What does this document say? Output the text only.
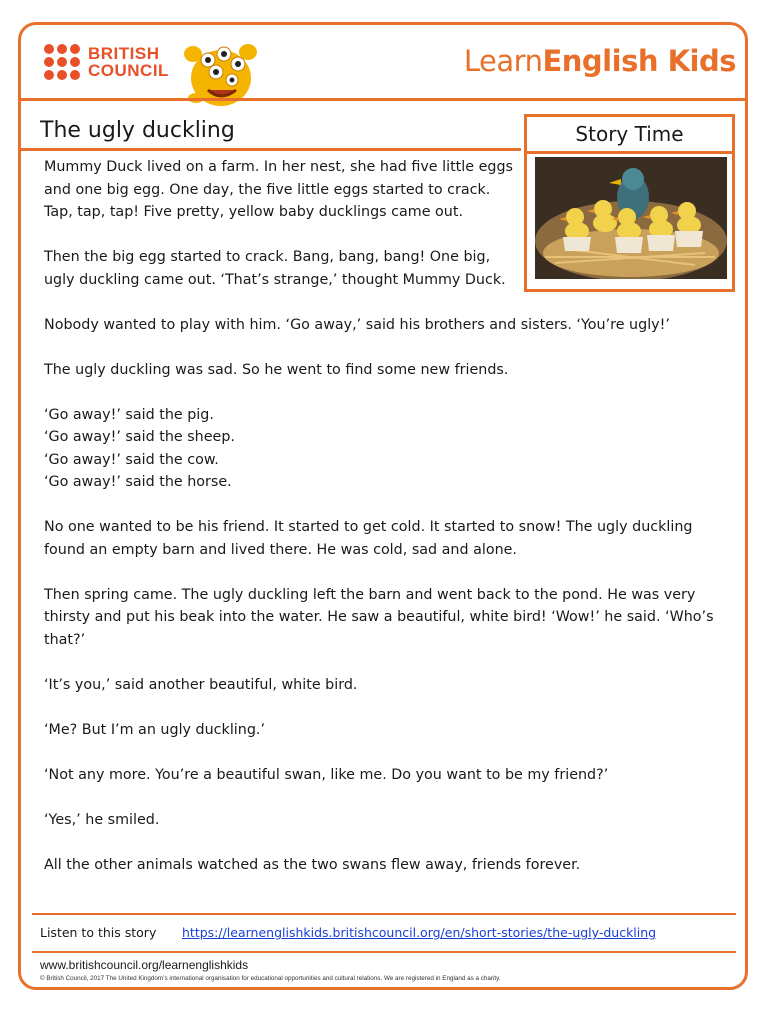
BRITISH
COUNCIL	LearnEnglish Kids
The ugly duckling	Story Time

Mummy Duck lived on a farm. In her nest, she had five little eggs
and one big egg. One day, the five little eggs started to crack.
Tap, tap, tap! Five pretty, yellow baby ducklings came out.

Then the big egg started to crack. Bang, bang, bang! One big,
ugly duckling came out. ‘That’s strange,’ thought Mummy Duck.

Nobody wanted to play with him. ‘Go away,’ said his brothers and sisters. ‘You’re ugly!’

The ugly duckling was sad. So he went to find some new friends.

‘Go away!’ said the pig.
‘Go away!’ said the sheep.
‘Go away!’ said the cow.
‘Go away!’ said the horse.

No one wanted to be his friend. It started to get cold. It started to snow! The ugly duckling
found an empty barn and lived there. He was cold, sad and alone.

Then spring came. The ugly duckling left the barn and went back to the pond. He was very
thirsty and put his beak into the water. He saw a beautiful, white bird! ‘Wow!’ he said. ‘Who’s
that?’

‘It’s you,’ said another beautiful, white bird.

‘Me? But I’m an ugly duckling.’

‘Not any more. You’re a beautiful swan, like me. Do you want to be my friend?’

‘Yes,’ he smiled.

All the other animals watched as the two swans flew away, friends forever.

Listen to this story https://learnenglishkids.britishcouncil.org/en/short-stories/the-ugly-duckling
www.britishcouncil.org/learnenglishkids
© British Council, 2017 The United Kingdom’s international organisation for educational opportunities and cultural relations. We are registered in England as a charity.
